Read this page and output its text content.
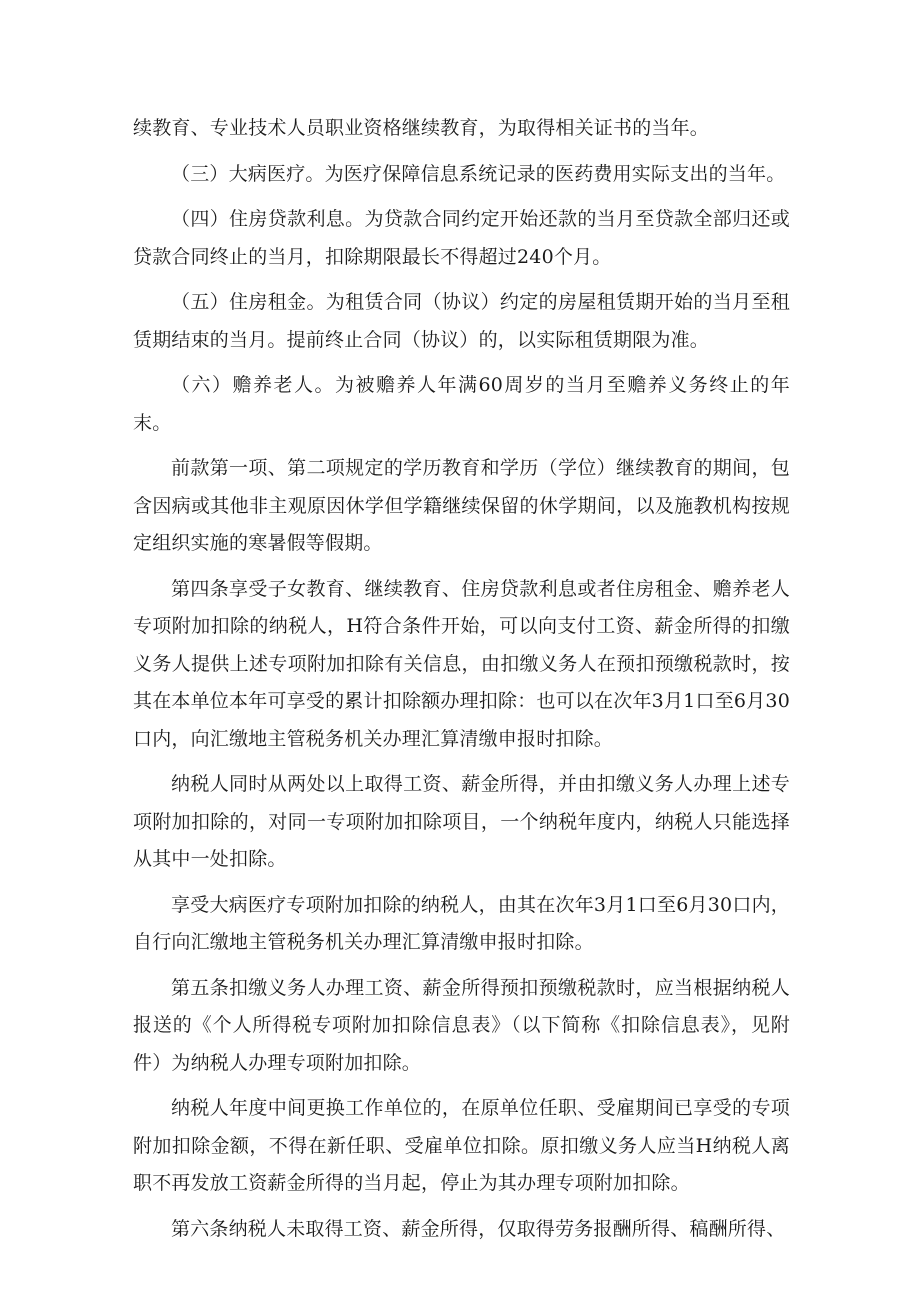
续教育、专业技术人员职业资格继续教育，为取得相关证书的当年。

（三）大病医疗。为医疗保障信息系统记录的医药费用实际支出的当年。

（四）住房贷款利息。为贷款合同约定开始还款的当月至贷款全部归还或贷款合同终止的当月，扣除期限最长不得超过240个月。

（五）住房租金。为租赁合同（协议）约定的房屋租赁期开始的当月至租赁期结束的当月。提前终止合同（协议）的，以实际租赁期限为准。

（六）赡养老人。为被赡养人年满60周岁的当月至赡养义务终止的年末。

前款第一项、第二项规定的学历教育和学历（学位）继续教育的期间，包含因病或其他非主观原因休学但学籍继续保留的休学期间，以及施教机构按规定组织实施的寒暑假等假期。

第四条享受子女教育、继续教育、住房贷款利息或者住房租金、赡养老人专项附加扣除的纳税人，H符合条件开始，可以向支付工资、薪金所得的扣缴义务人提供上述专项附加扣除有关信息，由扣缴义务人在预扣预缴税款时，按其在本单位本年可享受的累计扣除额办理扣除：也可以在次年3月1口至6月30口内，向汇缴地主管税务机关办理汇算清缴申报时扣除。

纳税人同时从两处以上取得工资、薪金所得，并由扣缴义务人办理上述专项附加扣除的，对同一专项附加扣除项目，一个纳税年度内，纳税人只能选择从其中一处扣除。

享受大病医疗专项附加扣除的纳税人，由其在次年3月1口至6月30口内，自行向汇缴地主管税务机关办理汇算清缴申报时扣除。

第五条扣缴义务人办理工资、薪金所得预扣预缴税款时，应当根据纳税人报送的《个人所得税专项附加扣除信息表》（以下简称《扣除信息表》，见附件）为纳税人办理专项附加扣除。

纳税人年度中间更换工作单位的，在原单位任职、受雇期间已享受的专项附加扣除金额，不得在新任职、受雇单位扣除。原扣缴义务人应当H纳税人离职不再发放工资薪金所得的当月起，停止为其办理专项附加扣除。

第六条纳税人未取得工资、薪金所得，仅取得劳务报酬所得、稿酬所得、
